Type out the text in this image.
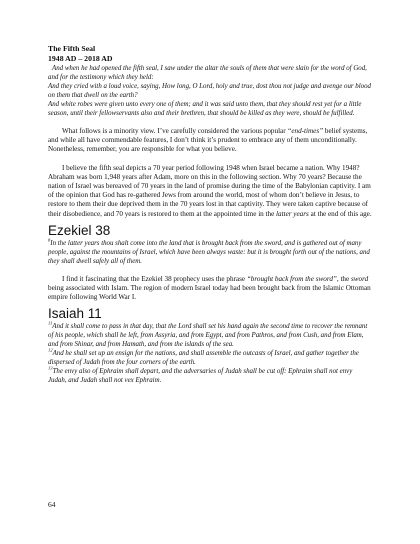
The Fifth Seal
1948 AD – 2018 AD

And when he had opened the fifth seal, I saw under the altar the souls of them that were slain for the word of God, and for the testimony which they held:

And they cried with a loud voice, saying, How long, O Lord, holy and true, dost thou not judge and avenge our blood on them that dwell on the earth?

And white robes were given unto every one of them; and it was said unto them, that they should rest yet for a little season, until their fellowservants also and their brethren, that should be killed as they were, should be fulfilled.

What follows is a minority view. I’ve carefully considered the various popular “end-times” belief systems, and while all have commendable features, I don’t think it’s prudent to embrace any of them unconditionally. Nonetheless, remember, you are responsible for what you believe.

I believe the fifth seal depicts a 70 year period following 1948 when Israel became a nation. Why 1948? Abraham was born 1,948 years after Adam, more on this in the following section. Why 70 years? Because the nation of Israel was bereaved of 70 years in the land of promise during the time of the Babylonian captivity. I am of the opinion that God has re-gathered Jews from around the world, most of whom don’t believe in Jesus, to restore to them their due deprived them in the 70 years lost in that captivity. They were taken captive because of their disobedience, and 70 years is restored to them at the appointed time in the latter years at the end of this age.

Ezekiel 38

$^8$In the latter years thou shalt come into the land that is brought back from the sword, and is gathered out of many people, against the mountains of Israel, which have been always waste: but it is brought forth out of the nations, and they shall dwell safely all of them.

I find it fascinating that the Ezekiel 38 prophecy uses the phrase “brought back from the sword”, the sword being associated with Islam. The region of modern Israel today had been brought back from the Islamic Ottoman empire following World War I.

Isaiah 11

$^{11}$And it shall come to pass in that day, that the Lord shall set his hand again the second time to recover the remnant of his people, which shall be left, from Assyria, and from Egypt, and from Pathros, and from Cush, and from Elam, and from Shinar, and from Hamath, and from the islands of the sea.

$^{12}$And he shall set up an ensign for the nations, and shall assemble the outcasts of Israel, and gather together the dispersed of Judah from the four corners of the earth.

$^{13}$The envy also of Ephraim shall depart, and the adversaries of Judah shall be cut off: Ephraim shall not envy Judah, and Judah shall not vex Ephraim.

64
